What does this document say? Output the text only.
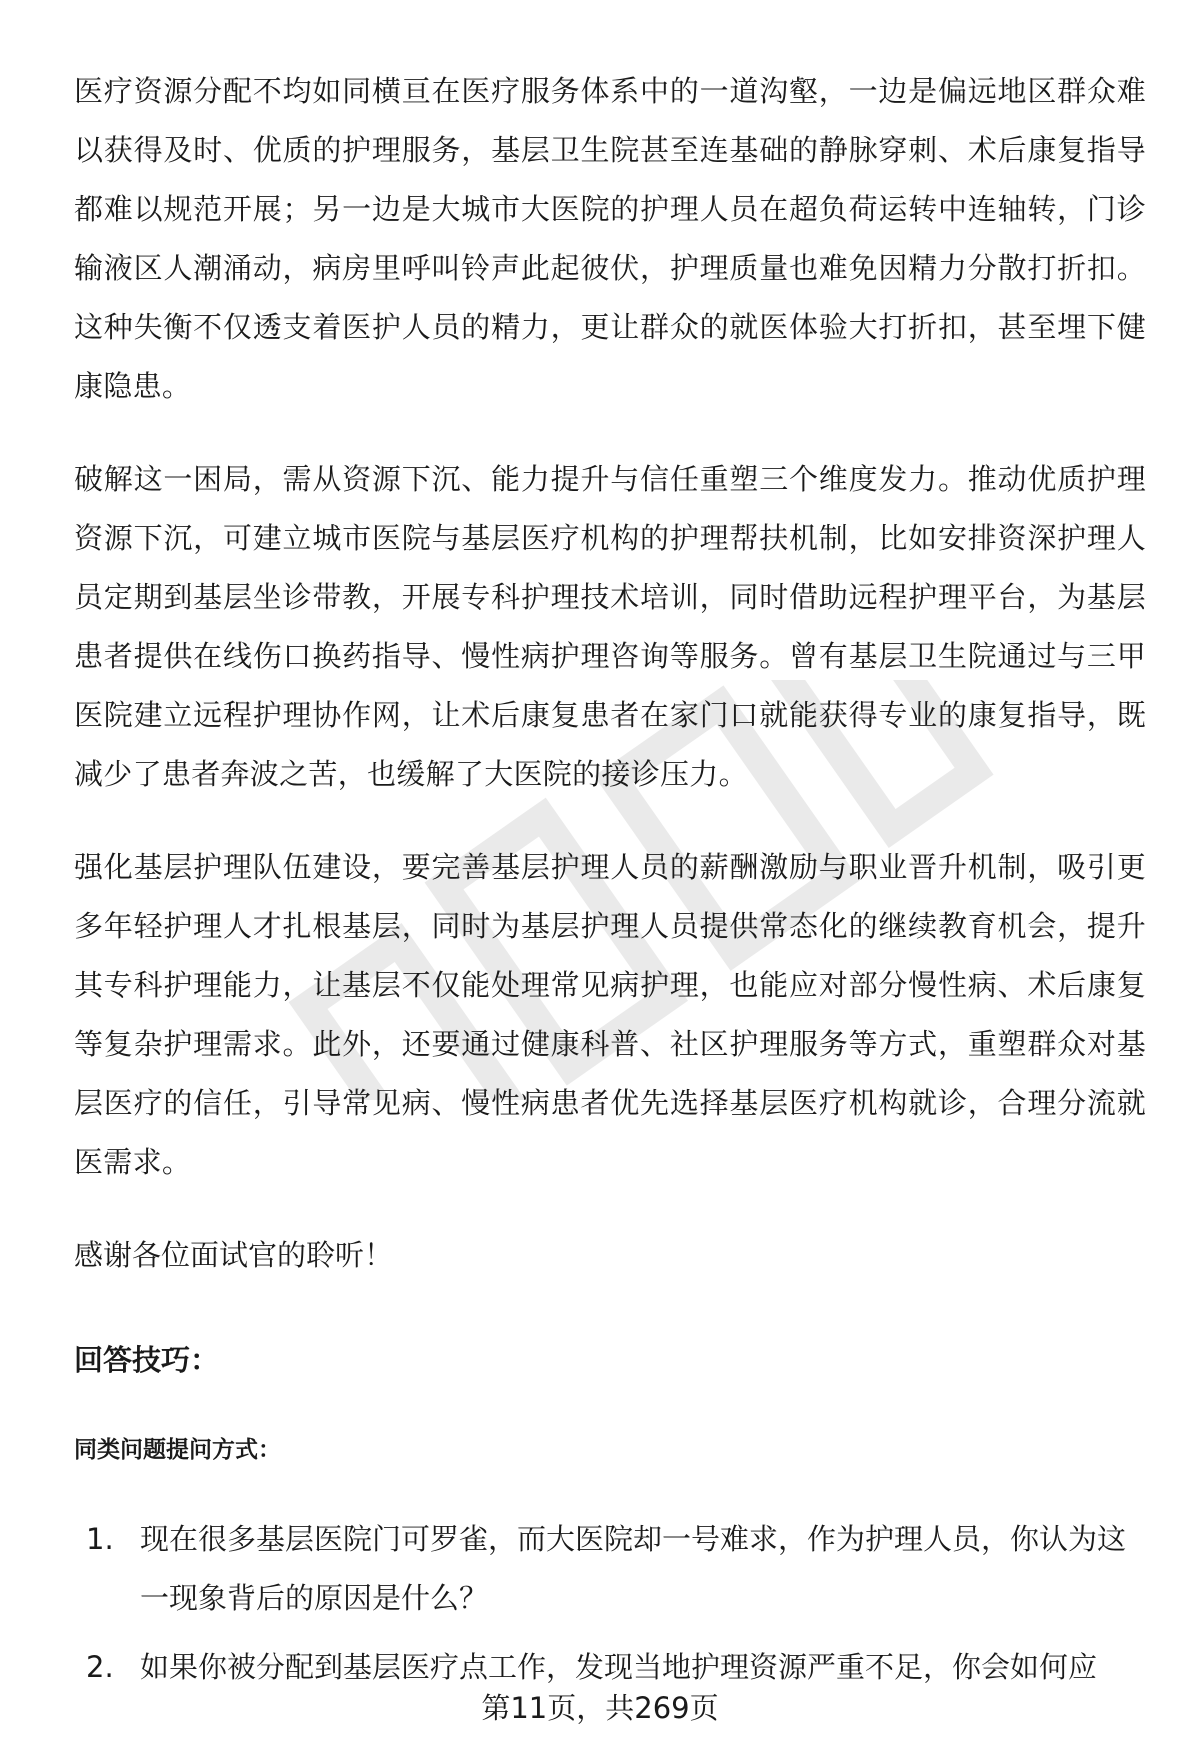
医疗资源分配不均如同横亘在医疗服务体系中的一道沟壑，一边是偏远地区群众难以获得及时、优质的护理服务，基层卫生院甚至连基础的静脉穿刺、术后康复指导都难以规范开展；另一边是大城市大医院的护理人员在超负荷运转中连轴转，门诊输液区人潮涌动，病房里呼叫铃声此起彼伏，护理质量也难免因精力分散打折扣。这种失衡不仅透支着医护人员的精力，更让群众的就医体验大打折扣，甚至埋下健康隐患。

破解这一困局，需从资源下沉、能力提升与信任重塑三个维度发力。推动优质护理资源下沉，可建立城市医院与基层医疗机构的护理帮扶机制，比如安排资深护理人员定期到基层坐诊带教，开展专科护理技术培训，同时借助远程护理平台，为基层患者提供在线伤口换药指导、慢性病护理咨询等服务。曾有基层卫生院通过与三甲医院建立远程护理协作网，让术后康复患者在家门口就能获得专业的康复指导，既减少了患者奔波之苦，也缓解了大医院的接诊压力。

强化基层护理队伍建设，要完善基层护理人员的薪酬激励与职业晋升机制，吸引更多年轻护理人才扎根基层，同时为基层护理人员提供常态化的继续教育机会，提升其专科护理能力，让基层不仅能处理常见病护理，也能应对部分慢性病、术后康复等复杂护理需求。此外，还要通过健康科普、社区护理服务等方式，重塑群众对基层医疗的信任，引导常见病、慢性病患者优先选择基层医疗机构就诊，合理分流就医需求。

感谢各位面试官的聆听！

回答技巧：
同类问题提问方式：
1. 现在很多基层医院门可罗雀，而大医院却一号难求，作为护理人员，你认为这一现象背后的原因是什么？
2. 如果你被分配到基层医疗点工作，发现当地护理资源严重不足，你会如何应
第11页，共269页
